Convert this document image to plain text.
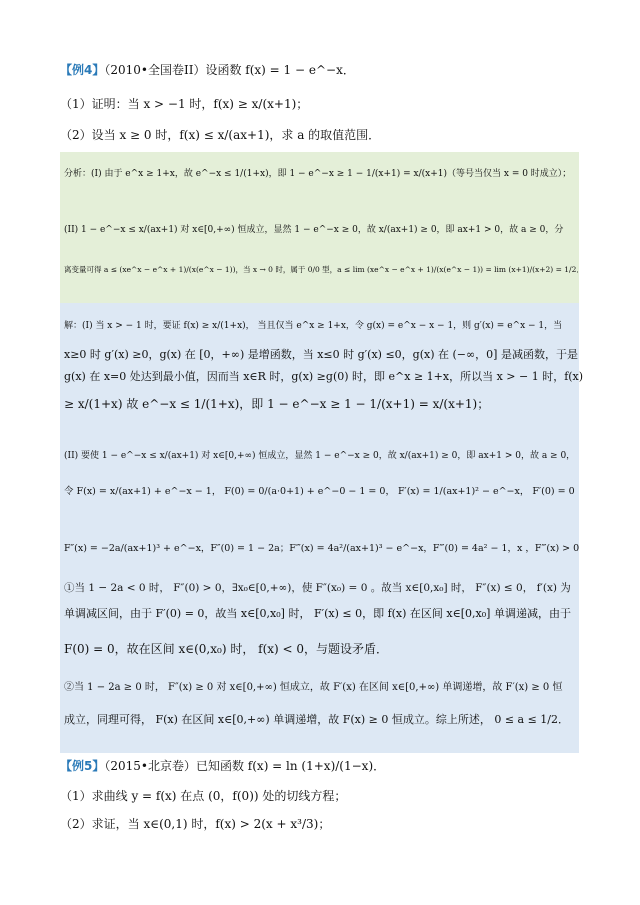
【例4】（2010•全国卷II）设函数 f(x) = 1 − e^−x．
（1）证明：当 x > −1 时，f(x) ≥ x/(x+1)；
（2）设当 x ≥ 0 时，f(x) ≤ x/(ax+1)，求 a 的取值范围．
分析：(I) 由于 e^x ≥ 1+x，故 e^−x ≤ 1/(1+x)，即 1 − e^−x ≥ 1 − 1/(x+1) = x/(x+1)（等号当仅当 x = 0 时成立）；
(II) 1 − e^−x ≤ x/(ax+1) 对 x∈[0,+∞) 恒成立，显然 1 − e^−x ≥ 0，故 x/(ax+1) ≥ 0，即 ax+1 > 0，故 a ≥ 0，分
离变量可得 a ≤ (xe^x − e^x + 1)/(x(e^x − 1))，当 x → 0 时，属于 0/0 型，a ≤ lim (xe^x − e^x + 1)/(x(e^x − 1)) = lim (x+1)/(x+2) = 1/2．
解：(I) 当 x > − 1 时，要证 f(x) ≥ x/(1+x)， 当且仅当 e^x ≥ 1+x，令 g(x) = e^x − x − 1，则 g′(x) = e^x − 1，当
x≥0 时 g′(x) ≥0，g(x) 在 [0，+∞) 是增函数，当 x≤0 时 g′(x) ≤0，g(x) 在 (−∞，0] 是减函数，于是
g(x) 在 x=0 处达到最小值，因而当 x∈R 时，g(x) ≥g(0) 时，即 e^x ≥ 1+x，所以当 x > − 1 时，f(x)
≥ x/(1+x) 故 e^−x ≤ 1/(1+x)，即 1 − e^−x ≥ 1 − 1/(x+1) = x/(x+1)；
(II) 要使 1 − e^−x ≤ x/(ax+1) 对 x∈[0,+∞) 恒成立，显然 1 − e^−x ≥ 0，故 x/(ax+1) ≥ 0，即 ax+1 > 0，故 a ≥ 0，
令 F(x) = x/(ax+1) + e^−x − 1， F(0) = 0/(a·0+1) + e^−0 − 1 = 0， F′(x) = 1/(ax+1)² − e^−x， F′(0) = 0
F″(x) = −2a/(ax+1)³ + e^−x，F″(0) = 1 − 2a；F‴(x) = 4a²/(ax+1)³ − e^−x，F‴(0) = 4a² − 1，x ，F‴(x) > 0
①当 1 − 2a < 0 时， F″(0) > 0，∃x₀∈[0,+∞)，使 F″(x₀) = 0 。故当 x∈[0,x₀] 时， F″(x) ≤ 0， f′(x) 为
单调减区间，由于 F′(0) = 0，故当 x∈[0,x₀] 时， F′(x) ≤ 0，即 f(x) 在区间 x∈[0,x₀] 单调递减，由于
F(0) = 0，故在区间 x∈(0,x₀) 时， f(x) < 0，与题设矛盾．
②当 1 − 2a ≥ 0 时， F″(x) ≥ 0 对 x∈[0,+∞) 恒成立，故 F′(x) 在区间 x∈[0,+∞) 单调递增，故 F′(x) ≥ 0 恒
成立，同理可得， F(x) 在区间 x∈[0,+∞) 单调递增，故 F(x) ≥ 0 恒成立。综上所述， 0 ≤ a ≤ 1/2．
【例5】（2015•北京卷）已知函数 f(x) = ln (1+x)/(1−x)．
（1）求曲线 y = f(x) 在点 (0，f(0)) 处的切线方程；
（2）求证，当 x∈(0,1) 时，f(x) > 2(x + x³/3)；
